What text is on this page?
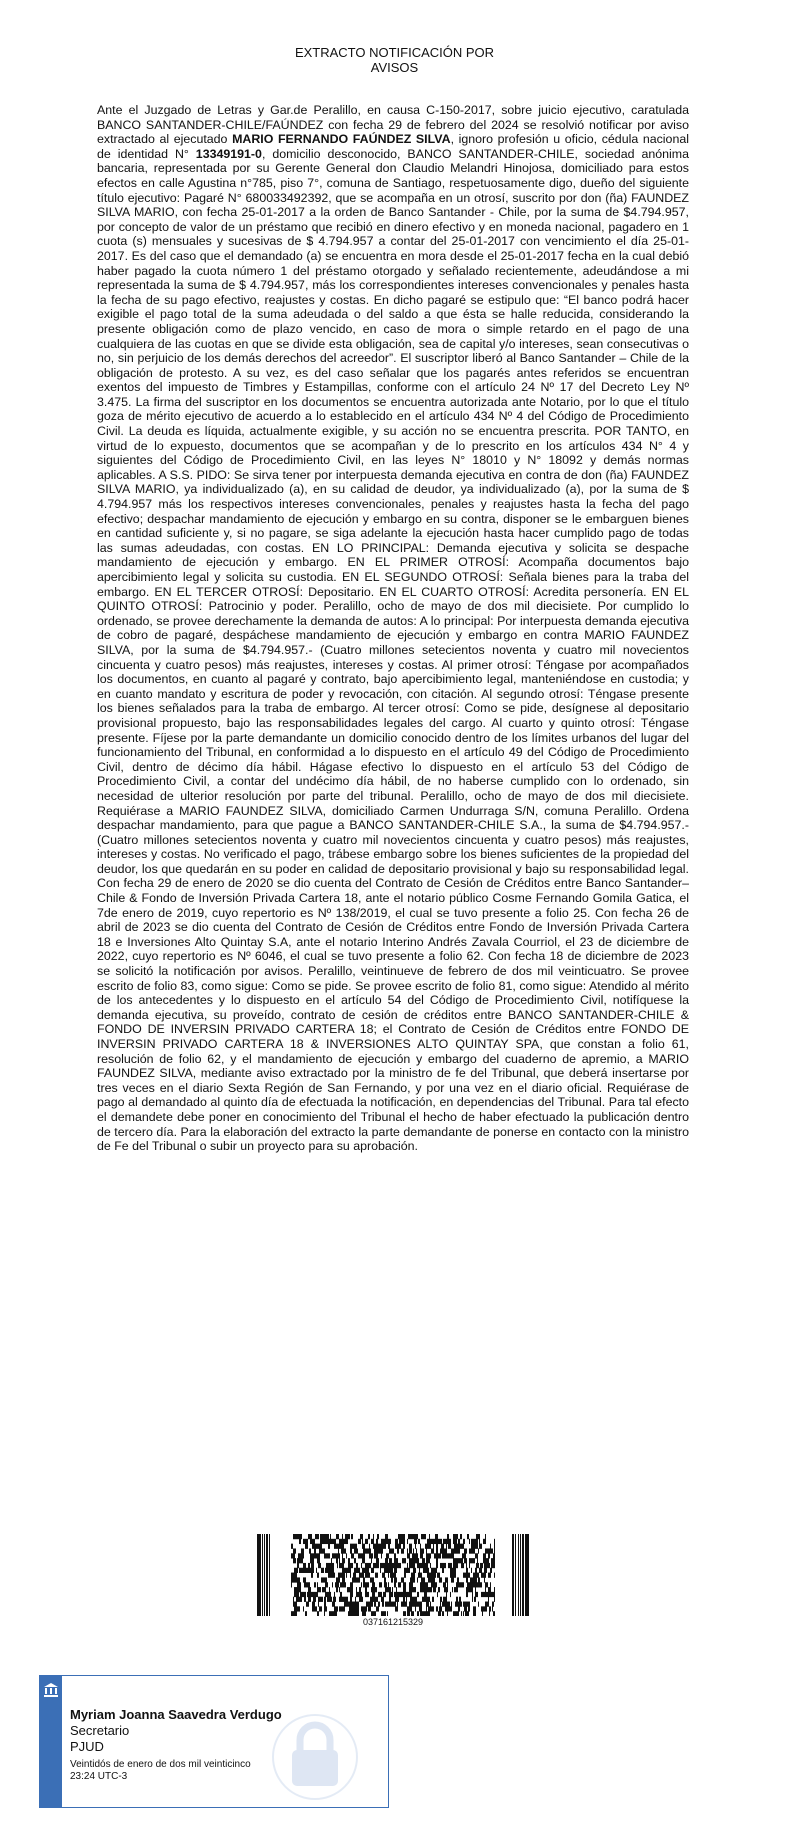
EXTRACTO NOTIFICACIÓN POR
AVISOS
Ante el Juzgado de Letras y Gar.de Peralillo, en causa C-150-2017, sobre juicio ejecutivo, caratulada BANCO SANTANDER-CHILE/FAÚNDEZ con fecha 29 de febrero del 2024 se resolvió notificar por aviso extractado al ejecutado MARIO FERNANDO FAÚNDEZ SILVA, ignoro profesión u oficio, cédula nacional de identidad N° 13349191-0, domicilio desconocido, BANCO SANTANDER-CHILE, sociedad anónima bancaria, representada por su Gerente General don Claudio Melandri Hinojosa, domiciliado para estos efectos en calle Agustina n°785, piso 7°, comuna de Santiago, respetuosamente digo, dueño del siguiente título ejecutivo: Pagaré N° 680033492392, que se acompaña en un otrosí, suscrito por don (ña) FAUNDEZ SILVA MARIO, con fecha 25-01-2017 a la orden de Banco Santander - Chile, por la suma de $4.794.957, por concepto de valor de un préstamo que recibió en dinero efectivo y en moneda nacional, pagadero en 1 cuota (s) mensuales y sucesivas de $ 4.794.957 a contar del 25-01-2017 con vencimiento el día 25-01-2017. Es del caso que el demandado (a) se encuentra en mora desde el 25-01-2017 fecha en la cual debió haber pagado la cuota número 1 del préstamo otorgado y señalado recientemente, adeudándose a mi representada la suma de $ 4.794.957, más los correspondientes intereses convencionales y penales hasta la fecha de su pago efectivo, reajustes y costas. En dicho pagaré se estipulo que: “El banco podrá hacer exigible el pago total de la suma adeudada o del saldo a que ésta se halle reducida, considerando la presente obligación como de plazo vencido, en caso de mora o simple retardo en el pago de una cualquiera de las cuotas en que se divide esta obligación, sea de capital y/o intereses, sean consecutivas o no, sin perjuicio de los demás derechos del acreedor”. El suscriptor liberó al Banco Santander – Chile de la obligación de protesto. A su vez, es del caso señalar que los pagarés antes referidos se encuentran exentos del impuesto de Timbres y Estampillas, conforme con el artículo 24 Nº 17 del Decreto Ley Nº 3.475. La firma del suscriptor en los documentos se encuentra autorizada ante Notario, por lo que el título goza de mérito ejecutivo de acuerdo a lo establecido en el artículo 434 Nº 4 del Código de Procedimiento Civil. La deuda es líquida, actualmente exigible, y su acción no se encuentra prescrita. POR TANTO, en virtud de lo expuesto, documentos que se acompañan y de lo prescrito en los artículos 434 N° 4 y siguientes del Código de Procedimiento Civil, en las leyes N° 18010 y N° 18092 y demás normas aplicables. A S.S. PIDO: Se sirva tener por interpuesta demanda ejecutiva en contra de don (ña) FAUNDEZ SILVA MARIO, ya individualizado (a), en su calidad de deudor, ya individualizado (a), por la suma de $ 4.794.957 más los respectivos intereses convencionales, penales y reajustes hasta la fecha del pago efectivo; despachar mandamiento de ejecución y embargo en su contra, disponer se le embarguen bienes en cantidad suficiente y, si no pagare, se siga adelante la ejecución hasta hacer cumplido pago de todas las sumas adeudadas, con costas. EN LO PRINCIPAL: Demanda ejecutiva y solicita se despache mandamiento de ejecución y embargo. EN EL PRIMER OTROSÍ: Acompaña documentos bajo apercibimiento legal y solicita su custodia. EN EL SEGUNDO OTROSÍ: Señala bienes para la traba del embargo. EN EL TERCER OTROSÍ: Depositario. EN EL CUARTO OTROSÍ: Acredita personería. EN EL QUINTO OTROSÍ: Patrocinio y poder. Peralillo, ocho de mayo de dos mil diecisiete. Por cumplido lo ordenado, se provee derechamente la demanda de autos: A lo principal: Por interpuesta demanda ejecutiva de cobro de pagaré, despáchese mandamiento de ejecución y embargo en contra MARIO FAUNDEZ SILVA, por la suma de $4.794.957.- (Cuatro millones setecientos noventa y cuatro mil novecientos cincuenta y cuatro pesos) más reajustes, intereses y costas. Al primer otrosí: Téngase por acompañados los documentos, en cuanto al pagaré y contrato, bajo apercibimiento legal, manteniéndose en custodia; y en cuanto mandato y escritura de poder y revocación, con citación. Al segundo otrosí: Téngase presente los bienes señalados para la traba de embargo. Al tercer otrosí: Como se pide, desígnese al depositario provisional propuesto, bajo las responsabilidades legales del cargo. Al cuarto y quinto otrosí: Téngase presente. Fíjese por la parte demandante un domicilio conocido dentro de los límites urbanos del lugar del funcionamiento del Tribunal, en conformidad a lo dispuesto en el artículo 49 del Código de Procedimiento Civil, dentro de décimo día hábil. Hágase efectivo lo dispuesto en el artículo 53 del Código de Procedimiento Civil, a contar del undécimo día hábil, de no haberse cumplido con lo ordenado, sin necesidad de ulterior resolución por parte del tribunal. Peralillo, ocho de mayo de dos mil diecisiete. Requiérase a MARIO FAUNDEZ SILVA, domiciliado Carmen Undurraga S/N, comuna Peralillo. Ordena despachar mandamiento, para que pague a BANCO SANTANDER-CHILE S.A., la suma de $4.794.957.- (Cuatro millones setecientos noventa y cuatro mil novecientos cincuenta y cuatro pesos) más reajustes, intereses y costas. No verificado el pago, trábese embargo sobre los bienes suficientes de la propiedad del deudor, los que quedarán en su poder en calidad de depositario provisional y bajo su responsabilidad legal. Con fecha 29 de enero de 2020 se dio cuenta del Contrato de Cesión de Créditos entre Banco Santander–Chile & Fondo de Inversión Privada Cartera 18, ante el notario público Cosme Fernando Gomila Gatica, el 7de enero de 2019, cuyo repertorio es Nº 138/2019, el cual se tuvo presente a folio 25. Con fecha 26 de abril de 2023 se dio cuenta del Contrato de Cesión de Créditos entre Fondo de Inversión Privada Cartera 18 e Inversiones Alto Quintay S.A, ante el notario Interino Andrés Zavala Courriol, el 23 de diciembre de 2022, cuyo repertorio es Nº 6046, el cual se tuvo presente a folio 62. Con fecha 18 de diciembre de 2023 se solicitó la notificación por avisos. Peralillo, veintinueve de febrero de dos mil veinticuatro. Se provee escrito de folio 83, como sigue: Como se pide. Se provee escrito de folio 81, como sigue: Atendido al mérito de los antecedentes y lo dispuesto en el artículo 54 del Código de Procedimiento Civil, notifíquese la demanda ejecutiva, su proveído, contrato de cesión de créditos entre BANCO SANTANDER-CHILE & FONDO DE INVERSIN PRIVADO CARTERA 18; el Contrato de Cesión de Créditos entre FONDO DE INVERSIN PRIVADO CARTERA 18 & INVERSIONES ALTO QUINTAY SPA, que constan a folio 61, resolución de folio 62, y el mandamiento de ejecución y embargo del cuaderno de apremio, a MARIO FAUNDEZ SILVA, mediante aviso extractado por la ministro de fe del Tribunal, que deberá insertarse por tres veces en el diario Sexta Región de San Fernando, y por una vez en el diario oficial. Requiérase de pago al demandado al quinto día de efectuada la notificación, en dependencias del Tribunal. Para tal efecto el demandete debe poner en conocimiento del Tribunal el hecho de haber efectuado la publicación dentro de tercero día. Para la elaboración del extracto la parte demandante de ponerse en contacto con la ministro de Fe del Tribunal o subir un proyecto para su aprobación.
037161215329
Myriam Joanna Saavedra Verdugo
Secretario
PJUD
Veintidós de enero de dos mil veinticinco
23:24 UTC-3
